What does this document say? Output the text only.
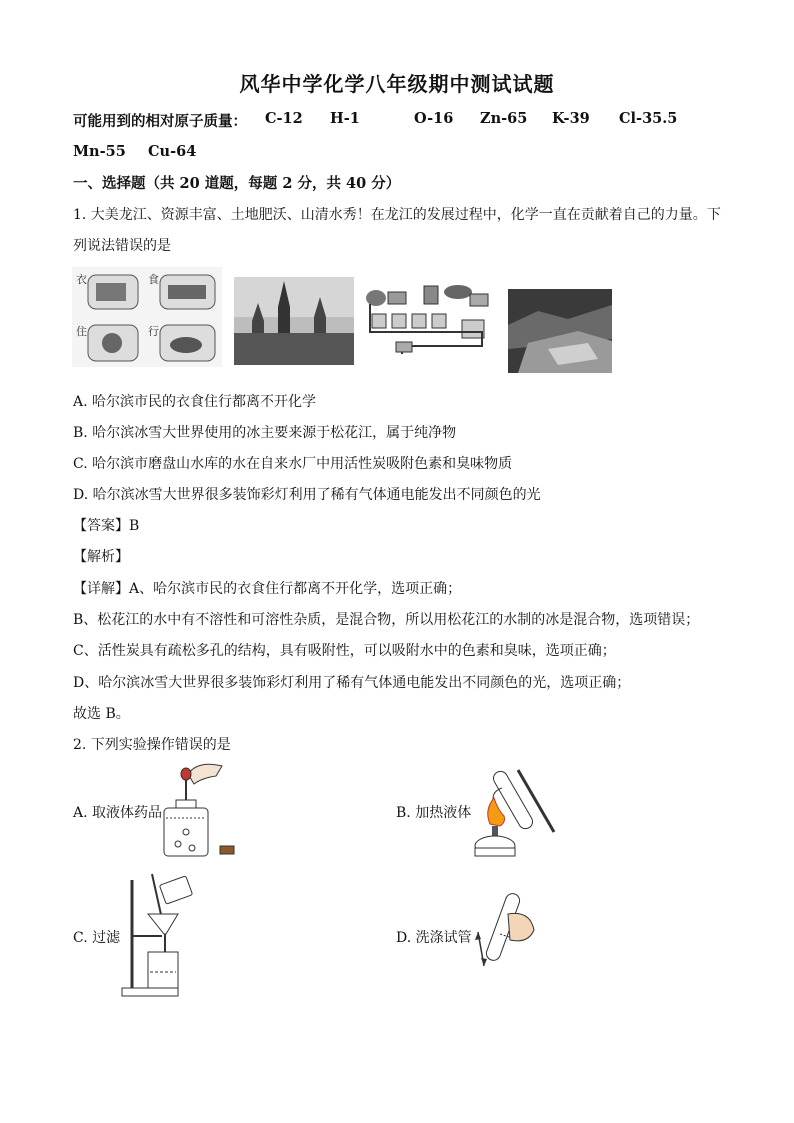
风华中学化学八年级期中测试试题
可能用到的相对原子质量： C-12 H-1	O-16 Zn-65 K-39 Cl-35.5
Mn-55 Cu-64
一、选择题（共 20 道题，每题 2 分，共 40 分）
1. 大美龙江、资源丰富、土地肥沃、山清水秀！在龙江的发展过程中，化学一直在贡献着自己的力量。下
列说法错误的是
衣	食
住	行
A. 哈尔滨市民的衣食住行都离不开化学
B. 哈尔滨冰雪大世界使用的冰主要来源于松花江，属于纯净物
C. 哈尔滨市磨盘山水库的水在自来水厂中用活性炭吸附色素和臭味物质
D. 哈尔滨冰雪大世界很多装饰彩灯利用了稀有气体通电能发出不同颜色的光
【答案】B
【解析】
【详解】A、哈尔滨市民的衣食住行都离不开化学，选项正确；
B、松花江的水中有不溶性和可溶性杂质，是混合物，所以用松花江的水制的冰是混合物，选项错误；
C、活性炭具有疏松多孔的结构，具有吸附性，可以吸附水中的色素和臭味，选项正确；
D、哈尔滨冰雪大世界很多装饰彩灯利用了稀有气体通电能发出不同颜色的光，选项正确；
故选 B。
2. 下列实验操作错误的是
A. 取液体药品	B. 加热液体
C. 过滤	D. 洗涤试管
